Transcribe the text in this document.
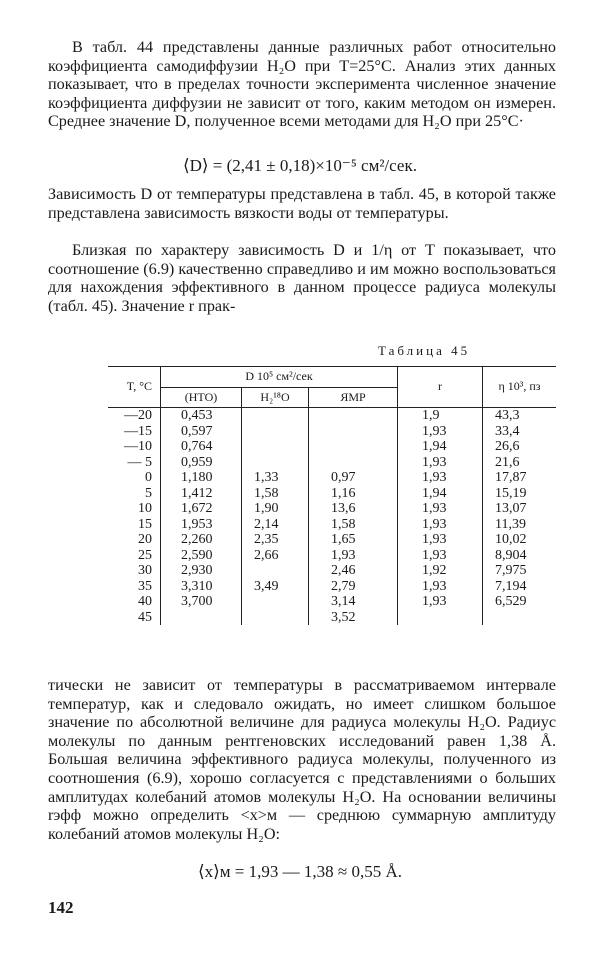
В табл. 44 представлены данные различных работ относительно коэффициента самодиффузии H₂O при T=25°С. Анализ этих данных показывает, что в пределах точности эксперимента численное значение коэффициента диффузии не зависит от того, каким методом он измерен. Среднее значение D, полученное всеми методами для H₂O при 25°С·

⟨D⟩ = (2,41 ± 0,18)×10⁻⁵ см²/сек.

Зависимость D от температуры представлена в табл. 45, в которой также представлена зависимость вязкости воды от температуры.

Близкая по характеру зависимость D и 1/η от T показывает, что соотношение (6.9) качественно справедливо и им можно воспользоваться для нахождения эффективного в данном процессе радиуса молекулы (табл. 45). Значение r прак-

Таблица 45
T, °C	D 10⁵ см²/сек			r	η 10³, пз
	(НТО)	H₂¹⁸O	ЯМР		
—20	0,453			1,9	43,3
—15	0,597			1,93	33,4
—10	0,764			1,94	26,6
— 5	0,959			1,93	21,6
0	1,180	1,33	0,97	1,93	17,87
5	1,412	1,58	1,16	1,94	15,19
10	1,672	1,90	13,6	1,93	13,07
15	1,953	2,14	1,58	1,93	11,39
20	2,260	2,35	1,65	1,93	10,02
25	2,590	2,66	1,93	1,93	8,904
30	2,930		2,46	1,92	7,975
35	3,310	3,49	2,79	1,93	7,194
40	3,700		3,14	1,93	6,529
45			3,52		

тически не зависит от температуры в рассматриваемом интервале температур, как и следовало ожидать, но имеет слишком большое значение по абсолютной величине для радиуса молекулы H₂O. Радиус молекулы по данным рентгеновских исследований равен 1,38 Å. Большая величина эффективного радиуса молекулы, полученного из соотношения (6.9), хорошо согласуется с представлениями о больших амплитудах колебаний атомов молекулы H₂O. На основании величины rэфф можно определить <x>м — среднюю суммарную амплитуду колебаний атомов молекулы H₂O:

⟨x⟩м = 1,93 — 1,38 ≈ 0,55 Å.
142
